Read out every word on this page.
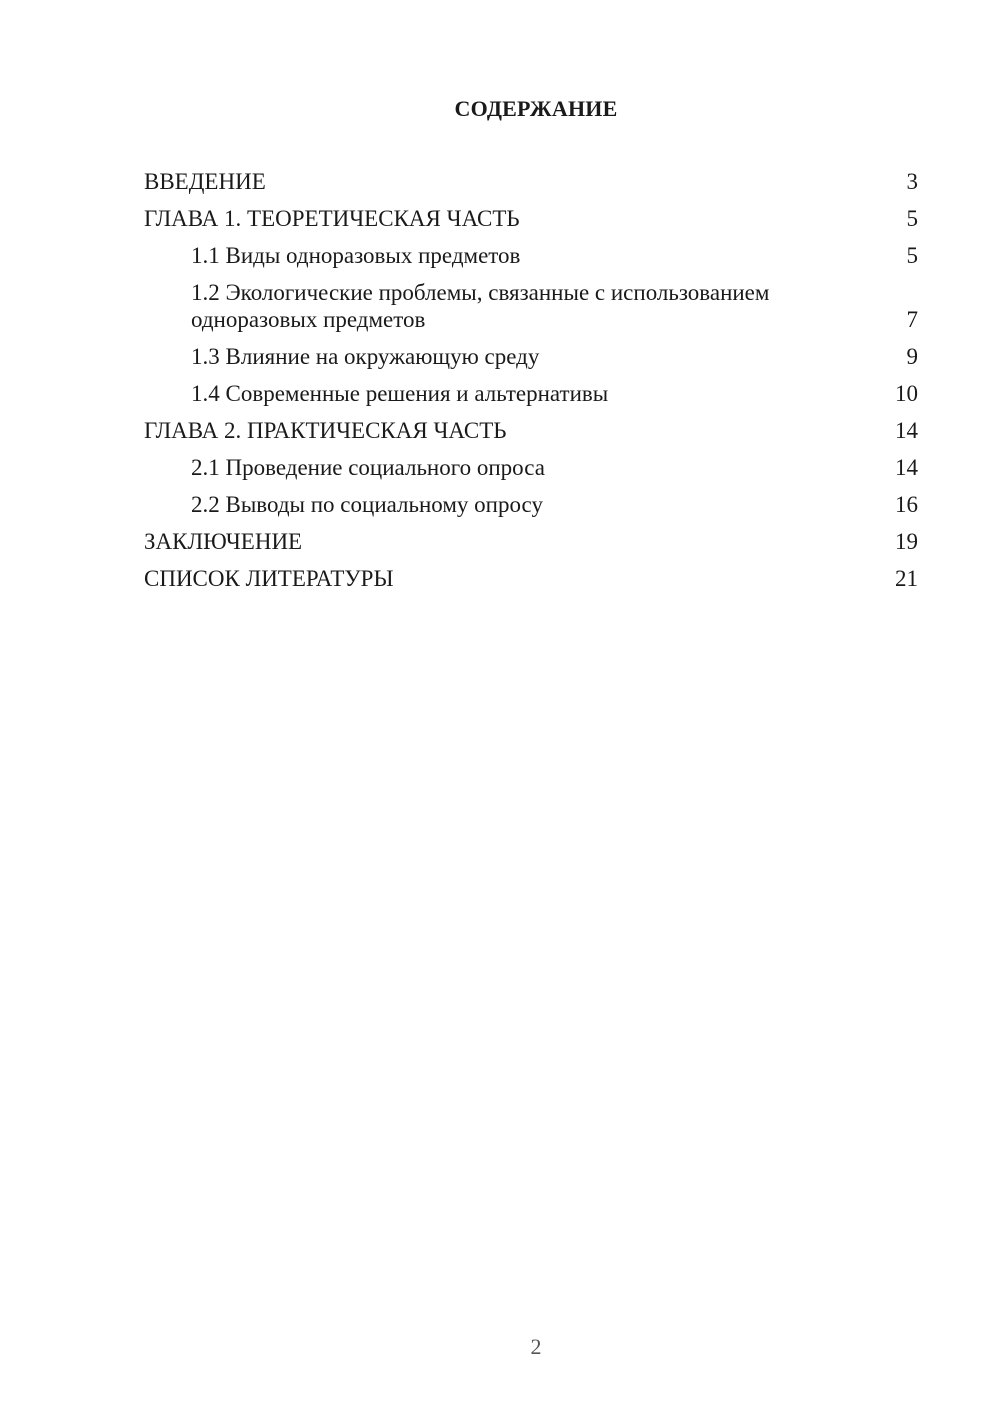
СОДЕРЖАНИЕ
ВВЕДЕНИЕ	3
ГЛАВА 1. ТЕОРЕТИЧЕСКАЯ ЧАСТЬ	5
1.1 Виды одноразовых предметов	5
1.2 Экологические проблемы, связанные с использованием одноразовых предметов	7
1.3 Влияние на окружающую среду	9
1.4 Современные решения и альтернативы	10
ГЛАВА 2. ПРАКТИЧЕСКАЯ ЧАСТЬ	14
2.1 Проведение социального опроса	14
2.2 Выводы по социальному опросу	16
ЗАКЛЮЧЕНИЕ	19
СПИСОК ЛИТЕРАТУРЫ	21
2
